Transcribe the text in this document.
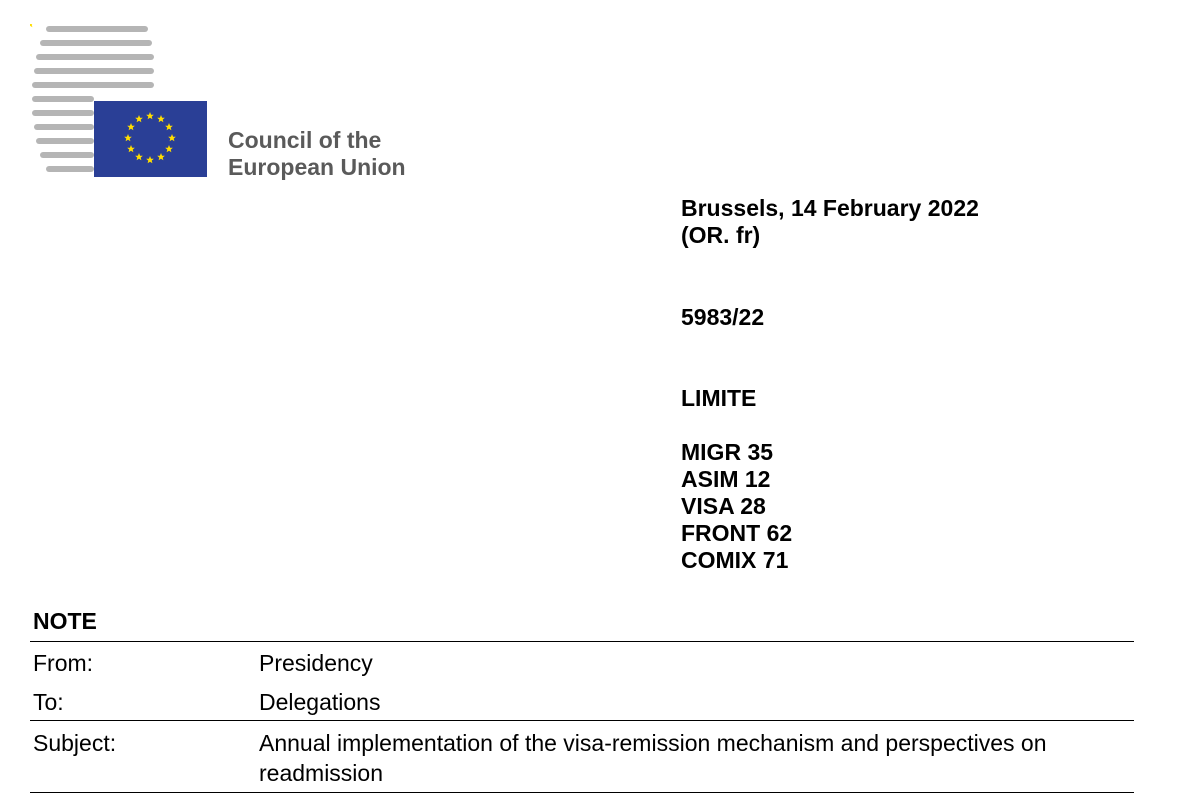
Council of the
European Union
Brussels, 14 February 2022
(OR. fr)
5983/22
LIMITE
MIGR 35
ASIM 12
VISA 28
FRONT 62
COMIX 71
NOTE
From:	Presidency
To:	Delegations
Subject:	Annual implementation of the visa-remission mechanism and perspectives on readmission
